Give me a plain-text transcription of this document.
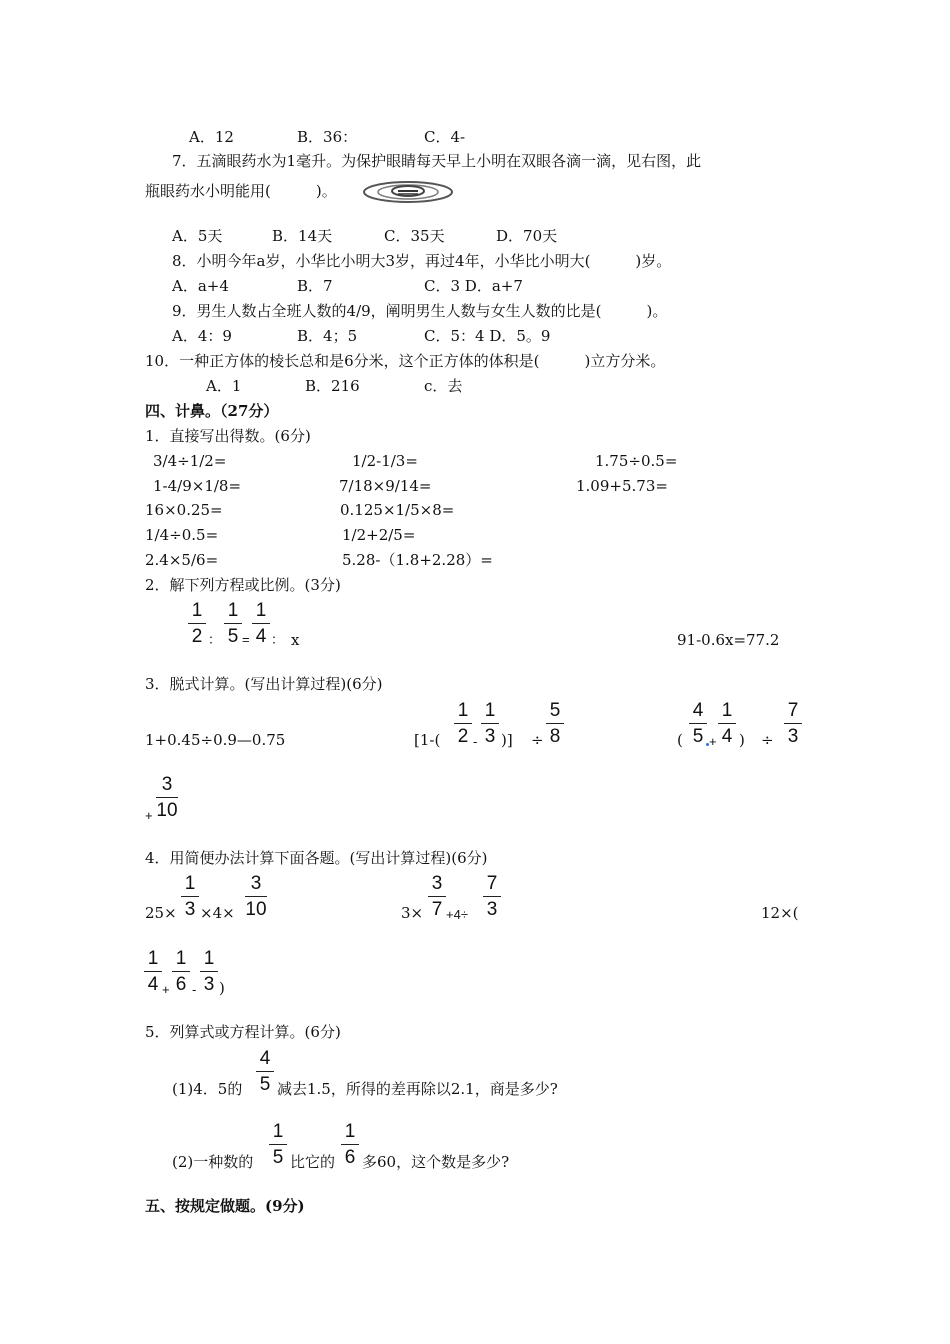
A．12	B．36：	C．4-
7．五滴眼药水为1毫升。为保护眼睛每天早上小明在双眼各滴一滴，见右图，此
瓶眼药水小明能用(　　　)。
A．5天	B．14天	C．35天	D．70天
8．小明今年a岁，小华比小明大3岁，再过4年，小华比小明大(　　　)岁。
A．a+4	B．7	C．3 D．a+7
9．男生人数占全班人数的4/9，阐明男生人数与女生人数的比是(　　　)。
A．4：9	B．4；5	C．5：4 D．5。9
10．一种正方体的棱长总和是6分米，这个正方体的体积是(　　　)立方分米。
A．1	B．216	c．去
四、计鼻。（27分）
1．直接写出得数。(6分)
3/4÷1/2=	1/2-1/3=	1.75÷0.5=
1-4/9×1/8=	7/18×9/14=	1.09+5.73=
16×0.25=	0.125×1/5×8=
1/4÷0.5=	1/2+2/5=
2.4×5/6=	5.28-（1.8+2.28）=
2．解下列方程或比例。(3分)
1
2 ：
1
5 =
1
4 ： x	91-0.6x=77.2
3．脱式计算。(写出计算过程)(6分)
1+0.45÷0.9—0.75	[1-(
1
2 -
1
3 )] ÷
5
8	(
4
5 +
1
4 ) ÷
7
3
+
3
10
4．用简便办法计算下面各题。(写出计算过程)(6分)
25×
1
3 ×4×
3
10	3×
3
7 +4÷
7
3	12×(
1
4 +
1
6 -
1
3 )
5．列算式或方程计算。(6分)
(1)4．5的
4
5 减去1.5，所得的差再除以2.1，商是多少?
(2)一种数的
1
5 比它的
1
6 多60，这个数是多少?
五、按规定做题。(9分)
